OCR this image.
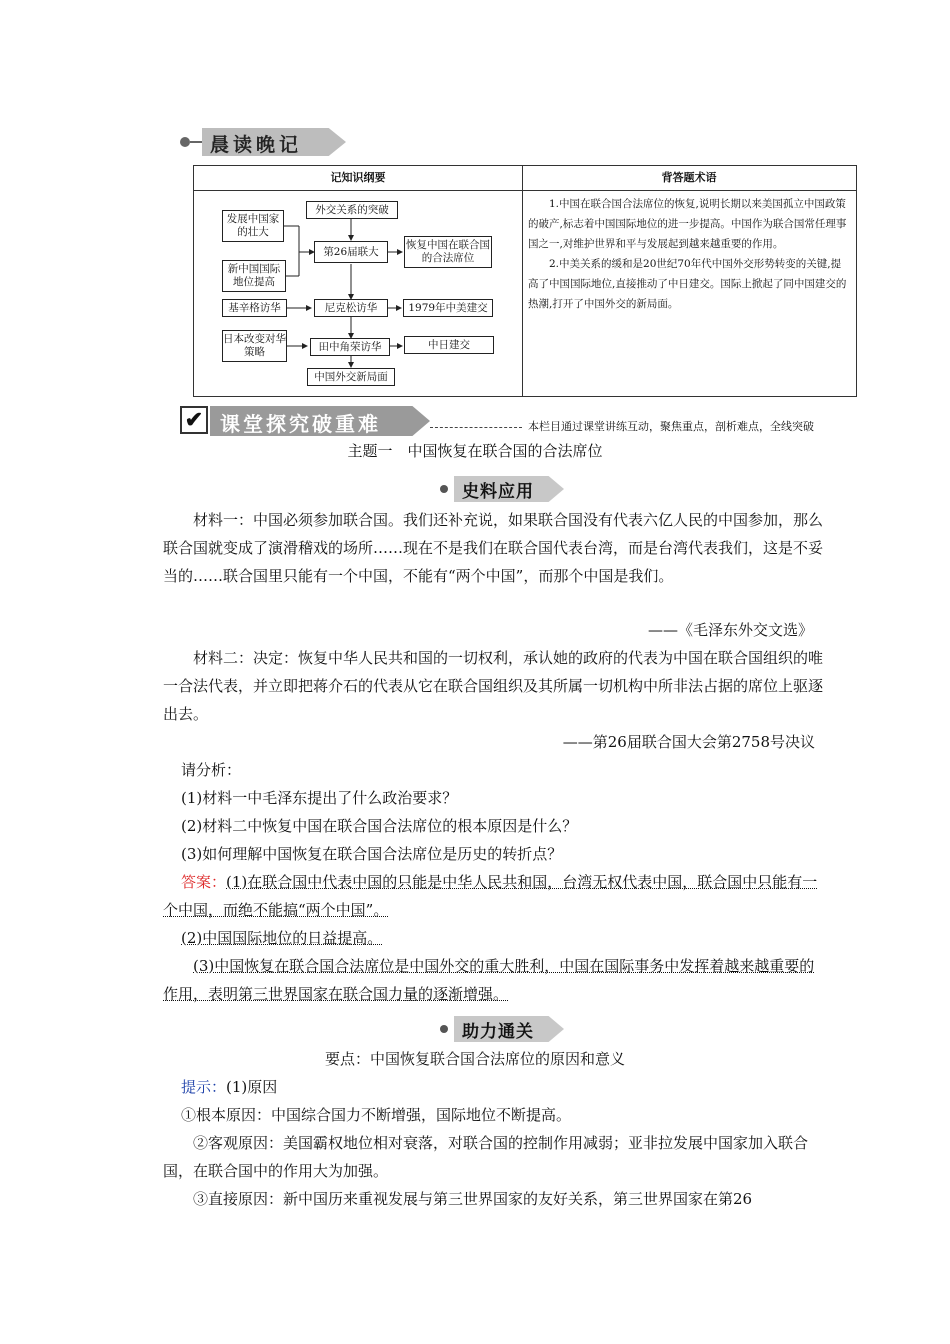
晨读晚记
记知识纲要	背答题术语
发展中国家的壮大
外交关系的突破
第26届联大
恢复中国在联合国的合法席位
新中国国际地位提高
基辛格访华	尼克松访华	1979年中美建交
日本改变对华策略	田中角荣访华	中日建交
中国外交新局面

1.中国在联合国合法席位的恢复,说明长期以来美国孤立中国政策的破产,标志着中国国际地位的进一步提高。中国作为联合国常任理事国之一,对维护世界和平与发展起到越来越重要的作用。

2.中美关系的缓和是20世纪70年代中国外交形势转变的关键,提高了中国国际地位,直接推动了中日建交。国际上掀起了同中国建交的热潮,打开了中国外交的新局面。

✔ 课堂探究破重难	本栏目通过课堂讲练互动，聚焦重点，剖析难点，全线突破
主题一　中国恢复在联合国的合法席位
史料应用
材料一：中国必须参加联合国。我们还补充说，如果联合国没有代表六亿人民的中国参加，那么联合国就变成了演滑稽戏的场所……现在不是我们在联合国代表台湾，而是台湾代表我们，这是不妥当的……联合国里只能有一个中国，不能有“两个中国”，而那个中国是我们。
——《毛泽东外交文选》
材料二：决定：恢复中华人民共和国的一切权利，承认她的政府的代表为中国在联合国组织的唯一合法代表，并立即把蒋介石的代表从它在联合国组织及其所属一切机构中所非法占据的席位上驱逐出去。
——第26届联合国大会第2758号决议
请分析：
(1)材料一中毛泽东提出了什么政治要求？
(2)材料二中恢复中国在联合国合法席位的根本原因是什么？
(3)如何理解中国恢复在联合国合法席位是历史的转折点？
答案：(1)在联合国中代表中国的只能是中华人民共和国，台湾无权代表中国，联合国中只能有一个中国，而绝不能搞“两个中国”。
(2)中国国际地位的日益提高。
(3)中国恢复在联合国合法席位是中国外交的重大胜利，中国在国际事务中发挥着越来越重要的作用，表明第三世界国家在联合国力量的逐渐增强。
助力通关
要点：中国恢复联合国合法席位的原因和意义
提示：(1)原因
①根本原因：中国综合国力不断增强，国际地位不断提高。
②客观原因：美国霸权地位相对衰落，对联合国的控制作用减弱；亚非拉发展中国家加入联合国，在联合国中的作用大为加强。
③直接原因：新中国历来重视发展与第三世界国家的友好关系，第三世界国家在第26
